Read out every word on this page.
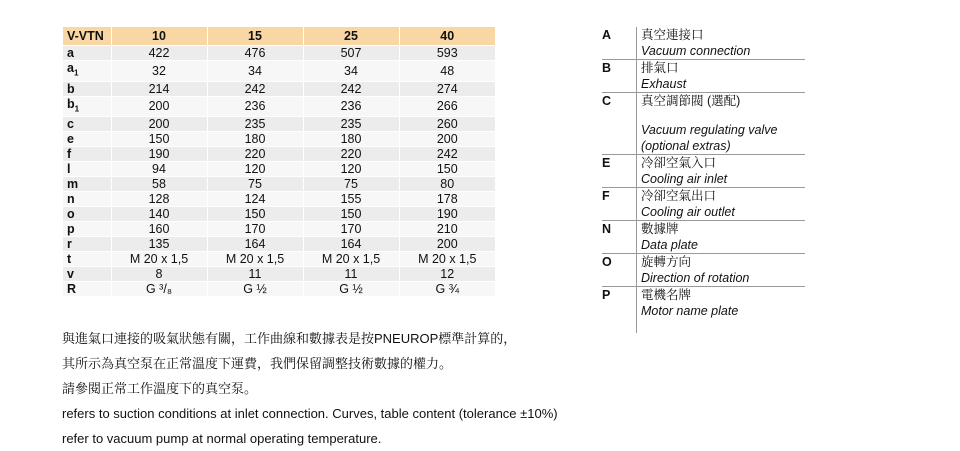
V-VTN	10	15	25	40
a	422	476	507	593
$a_1$	32	34	34	48
b	214	242	242	274
$b_1$	200	236	236	266
c	200	235	235	260
e	150	180	180	200
f	190	220	220	242
l	94	120	120	150
m	58	75	75	80
n	128	124	155	178
o	140	150	150	190
p	160	170	170	210
r	135	164	164	200
t	M 20 x 1,5	M 20 x 1,5	M 20 x 1,5	M 20 x 1,5
v	8	11	11	12
R	G ³/₈	G ½	G ½	G ¾
A	真空連接口
Vacuum connection
B	排氣口
Exhaust
C	真空調節閥 (選配)
Vacuum regulating valve
(optional extras)
E	冷卻空氣入口
Cooling air inlet
F	冷卻空氣出口
Cooling air outlet
N	數據牌
Data plate
O	旋轉方向
Direction of rotation
P	電機名牌
Motor name plate
與進氣口連接的吸氣狀態有關，工作曲線和數據表是按PNEUROP標準計算的，
其所示為真空泵在正常溫度下運費，我們保留調整技術數據的權力。
請參閱正常工作溫度下的真空泵。
refers to suction conditions at inlet connection. Curves, table content (tolerance ±10%)
refer to vacuum pump at normal operating temperature.
